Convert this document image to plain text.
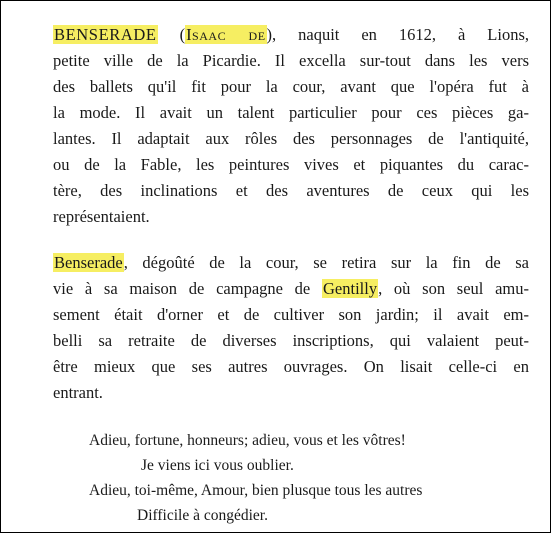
BENSERADE (Isaac de), naquit en 1612, à Lions,
petite ville de la Picardie. Il excella sur-tout dans les vers
des ballets qu'il fit pour la cour, avant que l'opéra fut à
la mode. Il avait un talent particulier pour ces pièces ga-
lantes. Il adaptait aux rôles des personnages de l'antiquité,
ou de la Fable, les peintures vives et piquantes du carac-
tère, des inclinations et des aventures de ceux qui les
représentaient.
Benserade, dégoûté de la cour, se retira sur la fin de sa
vie à sa maison de campagne de Gentilly, où son seul amu-
sement était d'orner et de cultiver son jardin; il avait em-
belli sa retraite de diverses inscriptions, qui valaient peut-
être mieux que ses autres ouvrages. On lisait celle-ci en
entrant.
Adieu, fortune, honneurs; adieu, vous et les vôtres!
Je viens ici vous oublier.
Adieu, toi-même, Amour, bien plusque tous les autres
Difficile à congédier.
